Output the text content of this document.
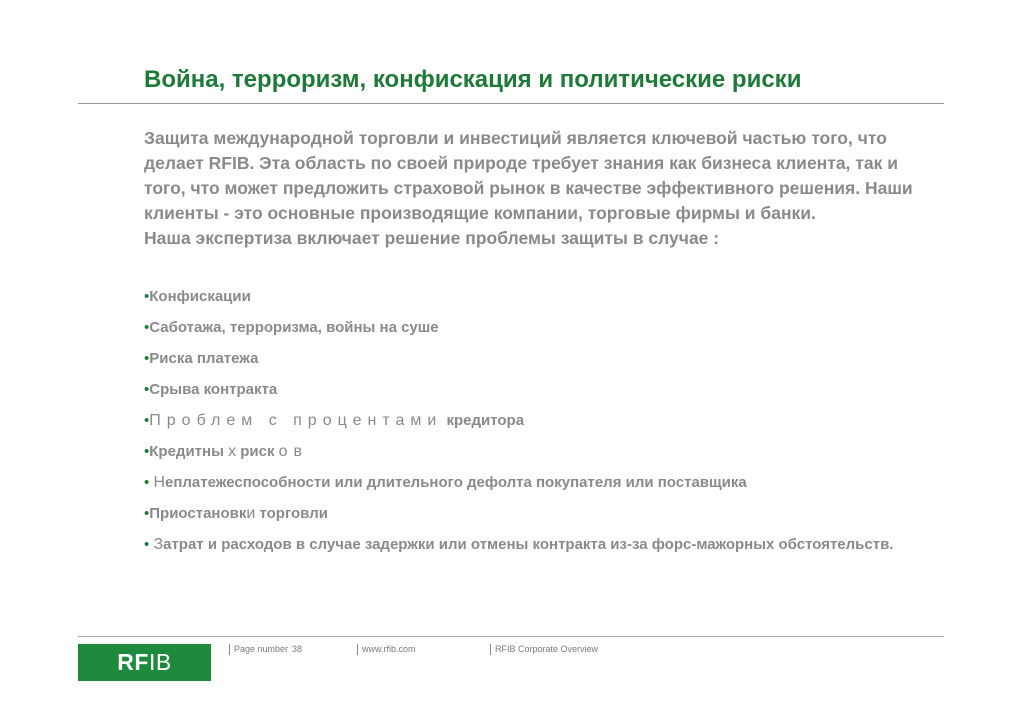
Война, терроризм, конфискация и политические риски

Защита международной торговли и инвестиций является ключевой частью того, что делает RFIB. Эта область по своей природе требует знания как бизнеса клиента, так и того, что может предложить страховой рынок в качестве эффективного решения. Наши клиенты - это основные производящие компании, торговые фирмы и банки.

Наша экспертиза включает решение проблемы защиты в случае :

•Конфискации
•Саботажа, терроризма, войны на суше
•Риска платежа
•Срыва контракта
•Проблем с процентами кредитора
•Кредитны х риск ов
• Неплатежеспособности или длительного дефолта покупателя или поставщика
•Приостановки торговли
• Затрат и расходов в случае задержки или отмены контракта из-за форс-мажорных обстоятельств.
RFIB	Page number 38	www.rfib.com	RFIB Corporate Overview
